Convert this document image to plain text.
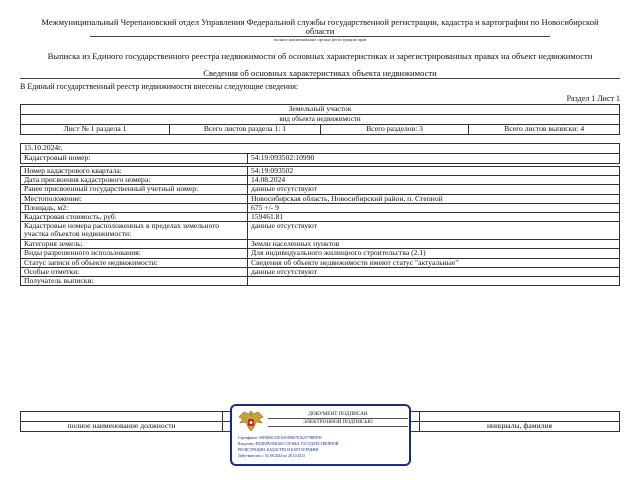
Межмуниципальный Черепановский отдел Управления Федеральной службы государственной регистрации, кадастра и картографии по Новосибирской
области
полное наименование органа регистрации прав
Выписка из Единого государственного реестра недвижимости об основных характеристиках и зарегистрированных правах на объект недвижимости
Сведения об основных характеристиках объекта недвижимости
В Единый государственный реестр недвижимости внесены следующие сведения:
Раздел 1 Лист 1
Земельный участок
вид объекта недвижимости
Лист № 1 раздела 1	Всего листов раздела 1: 1	Всего разделов: 3	Всего листов выписки: 4
15.10.2024г.
Кадастровый номер:	54:19:093502:10990
Номер кадастрового квартала:	54:19:093502
Дата присвоения кадастрового номера:	14.08.2024
Ранее присвоенный государственный учетный номер:	данные отсутствуют
Местоположение:	Новосибирская область, Новосибирский район, п. Степной
Площадь, м2:	675 +/- 9
Кадастровая стоимость, руб:	159461.81

Кадастровые номера расположенных в пределах земельного
участка объектов недвижимости:	данные отсутствуют
Категория земель:	Земли населенных пунктов
Виды разрешенного использования:	Для индивидуального жилищного строительства (2.1)
Статус записи об объекте недвижимости:	Сведения об объекте недвижимости имеют статус "актуальные"
Особые отметки:	данные отсутствуют
Получатель выписки:	

полное наименование должности		инициалы, фамилия
ДОКУМЕНТ ПОДПИСАН
ЭЛЕКТРОННОЙ ПОДПИСЬЮ
Сертификат: 00F6B8C35EA0539B07E102579BBF99
Владелец: ФЕДЕРАЛЬНАЯ СЛУЖБА ГОСУДАРСТВЕННОЙ
РЕГИСТРАЦИИ, КАДАСТРА И КАРТОГРАФИИ
Действителен: с 02.08.2024 по 26.10.2025
